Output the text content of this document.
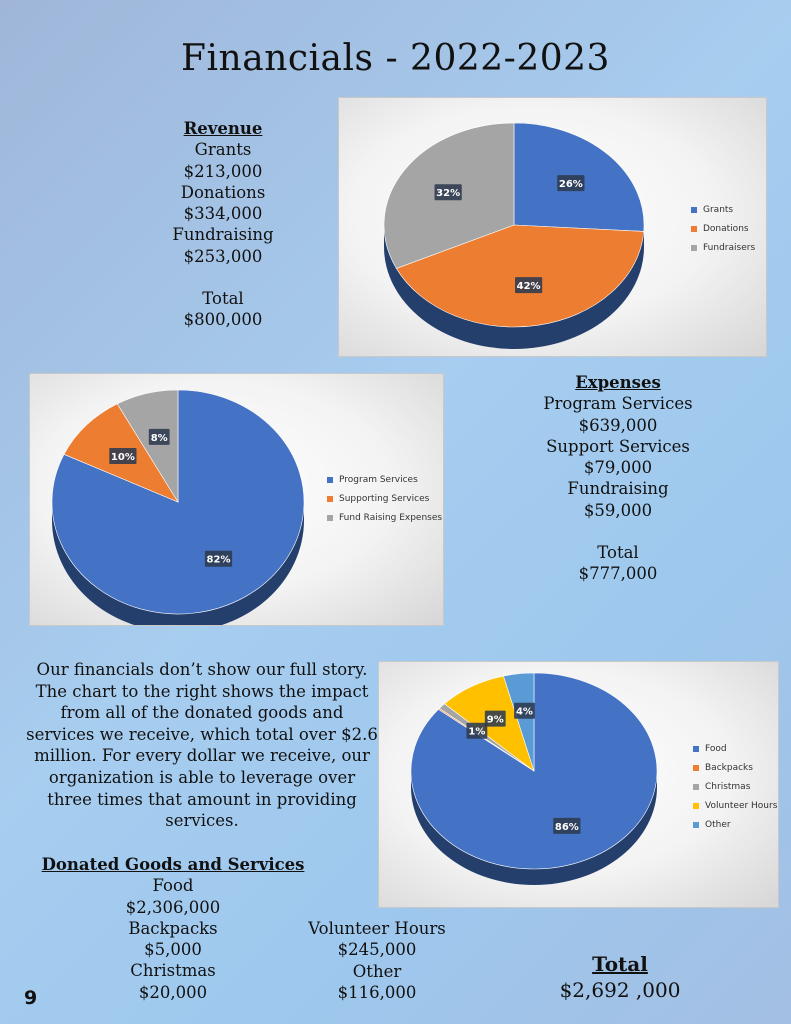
Financials - 2022-2023
Revenue
Grants
$213,000
Donations
$334,000
Fundraising
$253,000
Total
$800,000
26%
42%
32%
Grants
Donations
Fundraisers
82%
10%
8%
Program Services
Supporting Services
Fund Raising Expenses
Expenses
Program Services
$639,000
Support Services
$79,000
Fundraising
$59,000
Total
$777,000
Our financials don’t show our full story. The chart to the right shows the impact from all of the donated goods and services we receive, which total over $2.6 million. For every dollar we receive, our organization is able to leverage over three times that amount in providing services.	86%
1%
9%
4%
Food
Backpacks
Christmas
Volunteer Hours
Other
Donated Goods and Services
Food
$2,306,000
Backpacks
$5,000
Christmas
$20,000
Volunteer Hours
$245,000
Other
$116,000
Total
$2,692 ,000
9
